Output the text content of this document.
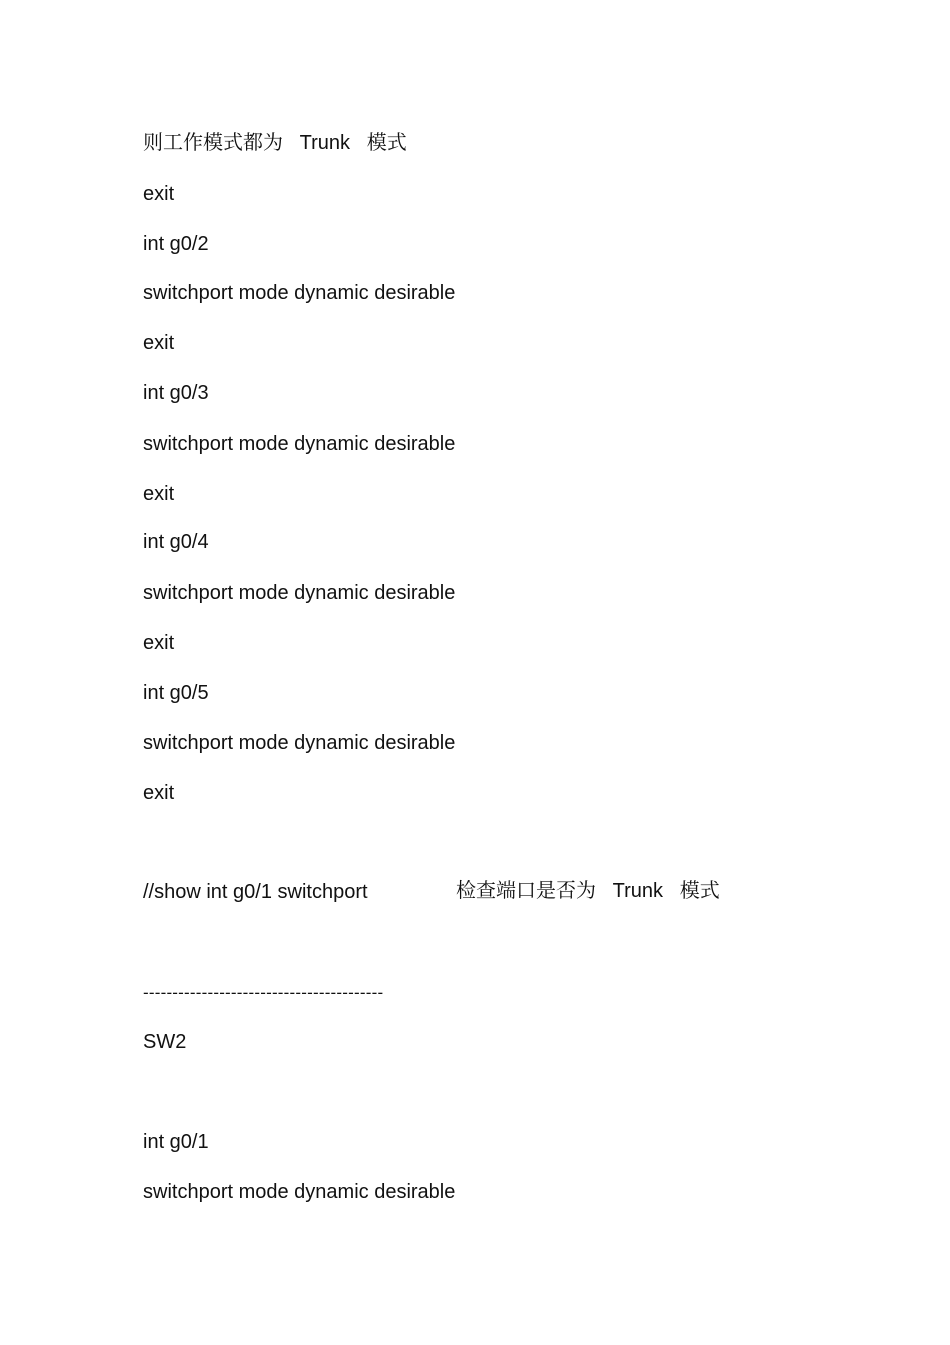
则工作模式都为   Trunk   模式
exit
int g0/2
switchport mode dynamic desirable
exit
int g0/3
switchport mode dynamic desirable
exit
int g0/4
switchport mode dynamic desirable
exit
int g0/5
switchport mode dynamic desirable
exit
//show int g0/1 switchport	检查端口是否为   Trunk   模式
-----------------------------------------
SW2
int g0/1
switchport mode dynamic desirable
